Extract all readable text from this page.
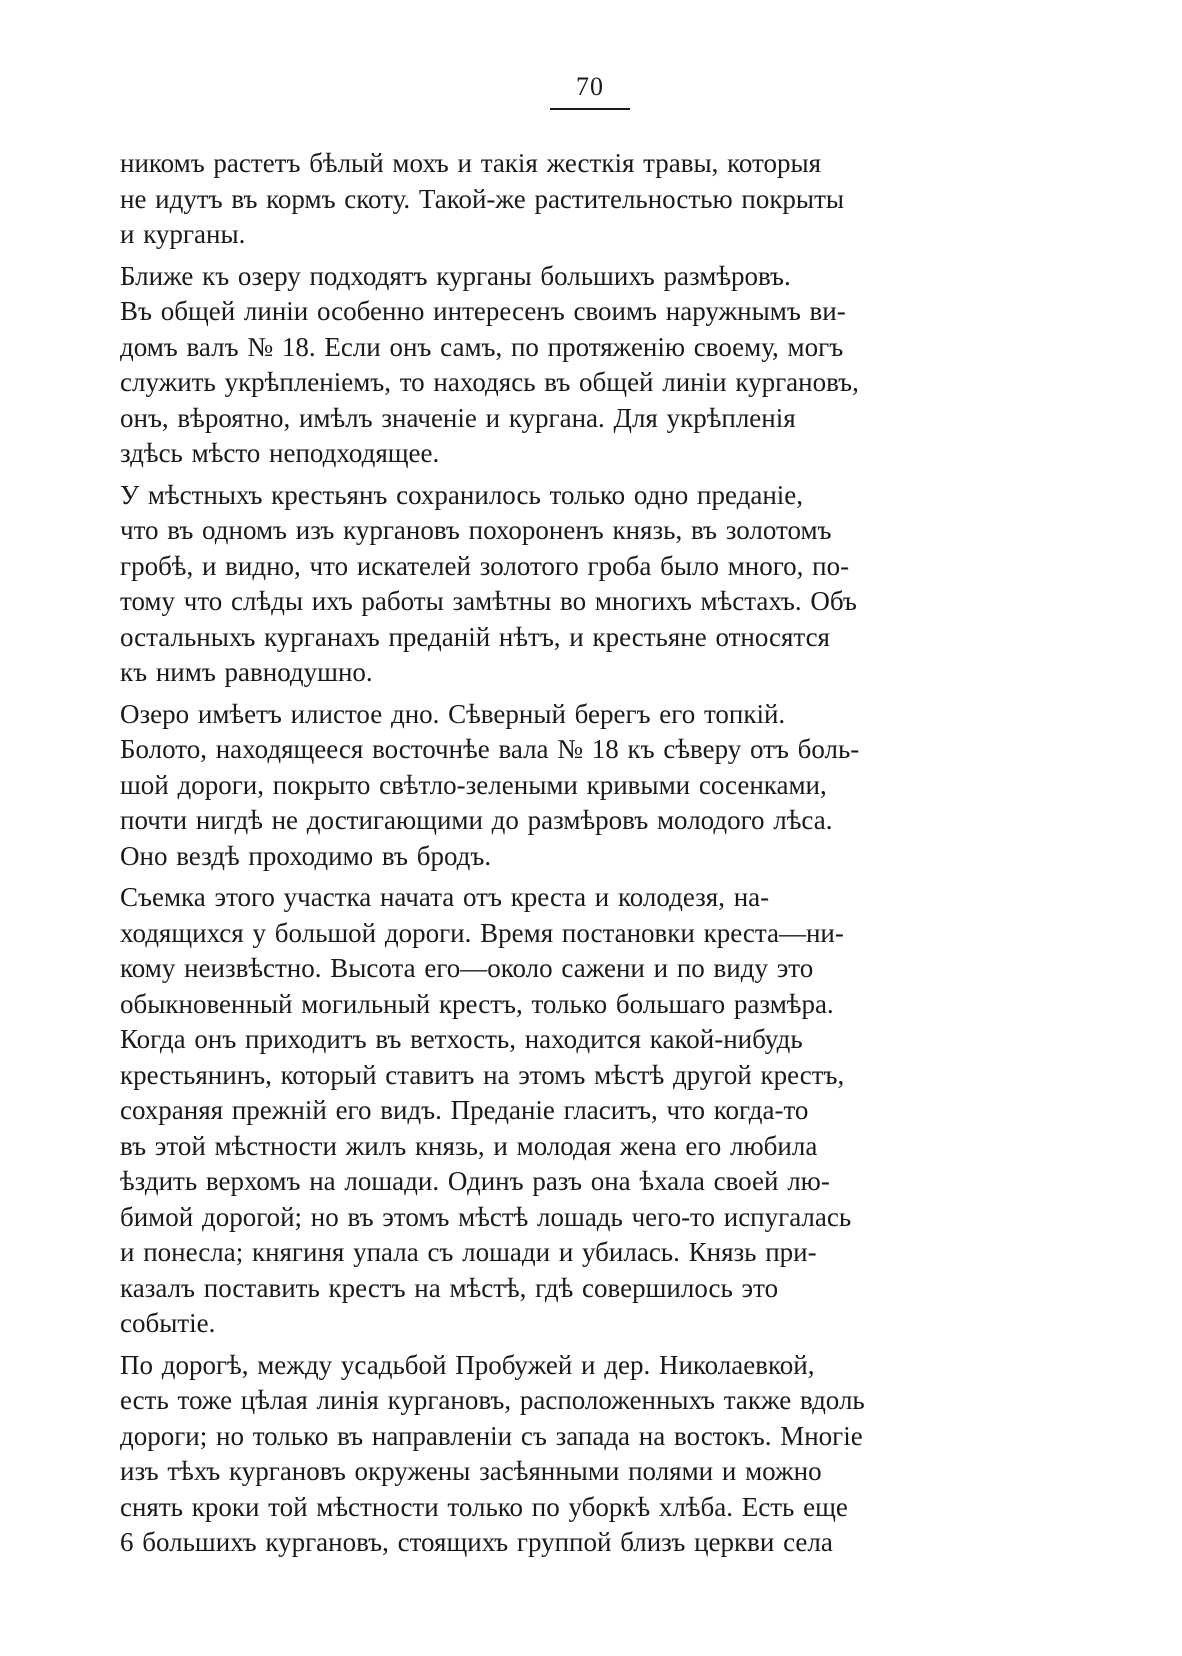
70

никомъ растетъ бѣлый мохъ и такія жесткія травы, которыя
не идутъ въ кормъ скоту. Такой-же растительностью покрыты
и курганы.

Ближе къ озеру подходятъ курганы большихъ размѣровъ.
Въ общей линіи особенно интересенъ своимъ наружнымъ ви-
домъ валъ № 18. Если онъ самъ, по протяженію своему, могъ
служить укрѣпленіемъ, то находясь въ общей линіи кургановъ,
онъ, вѣроятно, имѣлъ значеніе и кургана. Для укрѣпленія
здѣсь мѣсто неподходящее.

У мѣстныхъ крестьянъ сохранилось только одно преданіе,
что въ одномъ изъ кургановъ похороненъ князь, въ золотомъ
гробѣ, и видно, что искателей золотого гроба было много, по-
тому что слѣды ихъ работы замѣтны во многихъ мѣстахъ. Объ
остальныхъ курганахъ преданій нѣтъ, и крестьяне относятся
къ нимъ равнодушно.

Озеро имѣетъ илистое дно. Сѣверный берегъ его топкій.
Болото, находящееся восточнѣе вала № 18 къ сѣверу отъ боль-
шой дороги, покрыто свѣтло-зелеными кривыми сосенками,
почти нигдѣ не достигающими до размѣровъ молодого лѣса.
Оно вездѣ проходимо въ бродъ.

Съемка этого участка начата отъ креста и колодезя, на-
ходящихся у большой дороги. Время постановки креста—ни-
кому неизвѣстно. Высота его—около сажени и по виду это
обыкновенный могильный крестъ, только большаго размѣра.
Когда онъ приходитъ въ ветхость, находится какой-нибудь
крестьянинъ, который ставитъ на этомъ мѣстѣ другой крестъ,
сохраняя прежній его видъ. Преданіе гласитъ, что когда-то
въ этой мѣстности жилъ князь, и молодая жена его любила
ѣздить верхомъ на лошади. Одинъ разъ она ѣхала своей лю-
бимой дорогой; но въ этомъ мѣстѣ лошадь чего-то испугалась
и понесла; княгиня упала съ лошади и убилась. Князь при-
казалъ поставить крестъ на мѣстѣ, гдѣ совершилось это
событіе.

По дорогѣ, между усадьбой Пробужей и дер. Николаевкой,
есть тоже цѣлая линія кургановъ, расположенныхъ также вдоль
дороги; но только въ направленіи съ запада на востокъ. Многіе
изъ тѣхъ кургановъ окружены засѣянными полями и можно
снять кроки той мѣстности только по уборкѣ хлѣба. Есть еще
6 большихъ кургановъ, стоящихъ группой близъ церкви села
